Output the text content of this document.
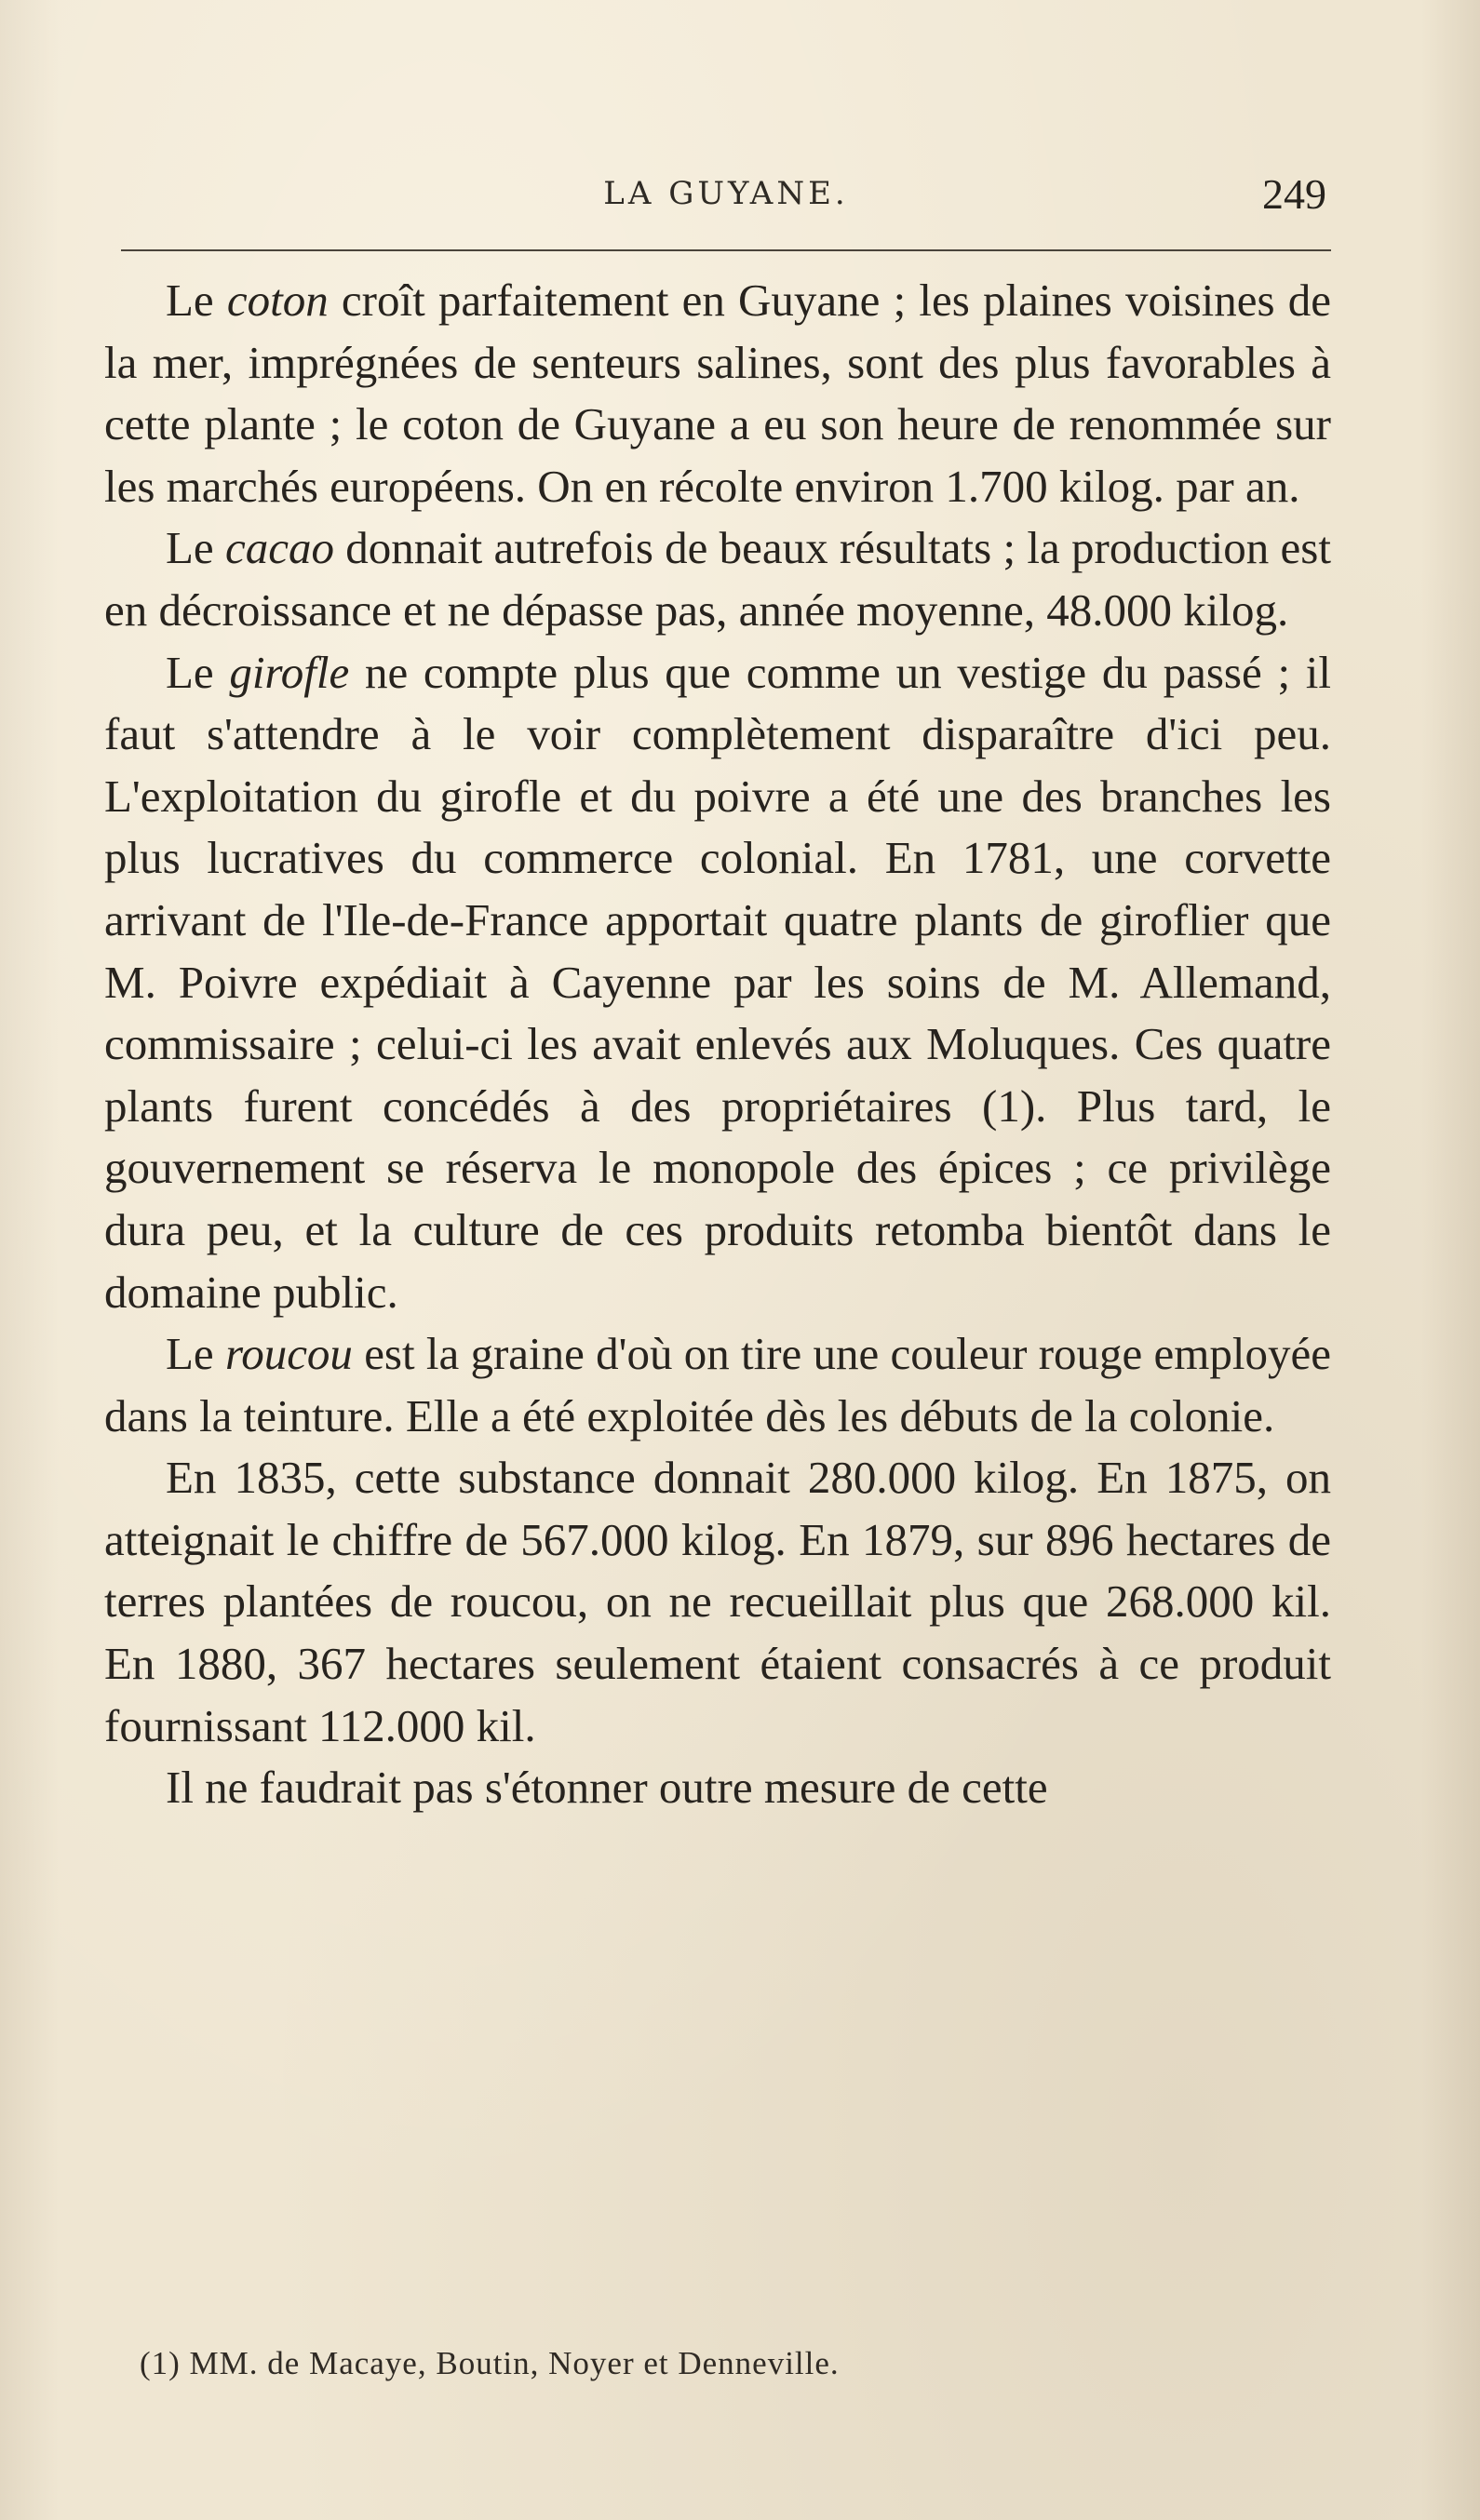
LA GUYANE.	249

Le coton croît parfaitement en Guyane ; les plaines voisines de la mer, imprégnées de senteurs salines, sont des plus favorables à cette plante ; le coton de Guyane a eu son heure de renommée sur les marchés européens. On en récolte environ 1.700 kilog. par an.

Le cacao donnait autrefois de beaux résultats ; la production est en décroissance et ne dépasse pas, année moyenne, 48.000 kilog.

Le girofle ne compte plus que comme un vestige du passé ; il faut s'attendre à le voir complètement disparaître d'ici peu. L'exploitation du girofle et du poivre a été une des branches les plus lucratives du commerce colonial. En 1781, une corvette arrivant de l'Ile-de-France apportait quatre plants de giroflier que M. Poivre expédiait à Cayenne par les soins de M. Allemand, commissaire ; celui-ci les avait enlevés aux Moluques. Ces quatre plants furent concédés à des propriétaires (1). Plus tard, le gouvernement se réserva le monopole des épices ; ce privilège dura peu, et la culture de ces produits retomba bientôt dans le domaine public.

Le roucou est la graine d'où on tire une couleur rouge employée dans la teinture. Elle a été exploitée dès les débuts de la colonie.

En 1835, cette substance donnait 280.000 kilog. En 1875, on atteignait le chiffre de 567.000 kilog. En 1879, sur 896 hectares de terres plantées de roucou, on ne recueillait plus que 268.000 kil. En 1880, 367 hectares seulement étaient consacrés à ce produit fournissant 112.000 kil.

Il ne faudrait pas s'étonner outre mesure de cette

(1) MM. de Macaye, Boutin, Noyer et Denneville.
